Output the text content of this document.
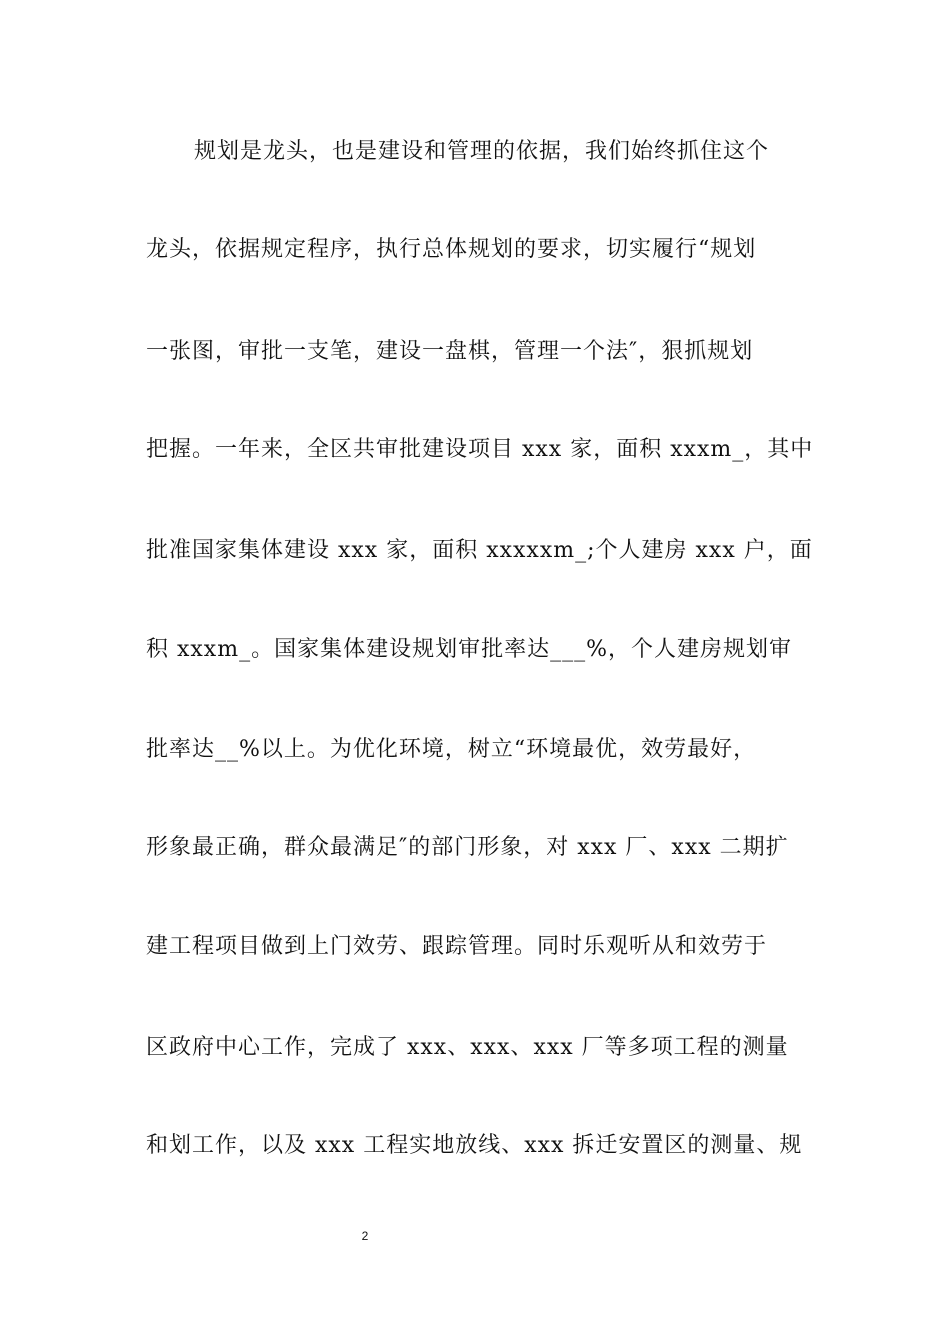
规划是龙头，也是建设和管理的依据，我们始终抓住这个
龙头，依据规定程序，执行总体规划的要求，切实履行“规划
一张图，审批一支笔，建设一盘棋，管理一个法″，狠抓规划
把握。一年来，全区共审批建设项目 xxx 家，面积 xxxm_，其中
批准国家集体建设 xxx 家，面积 xxxxxm_;个人建房 xxx 户，面
积 xxxm_。国家集体建设规划审批率达___%，个人建房规划审
批率达__%以上。为优化环境，树立“环境最优，效劳最好，
形象最正确，群众最满足″的部门形象，对 xxx 厂、xxx 二期扩
建工程项目做到上门效劳、跟踪管理。同时乐观听从和效劳于
区政府中心工作，完成了 xxx、xxx、xxx 厂等多项工程的测量
和划工作，以及 xxx 工程实地放线、xxx 拆迁安置区的测量、规
2
